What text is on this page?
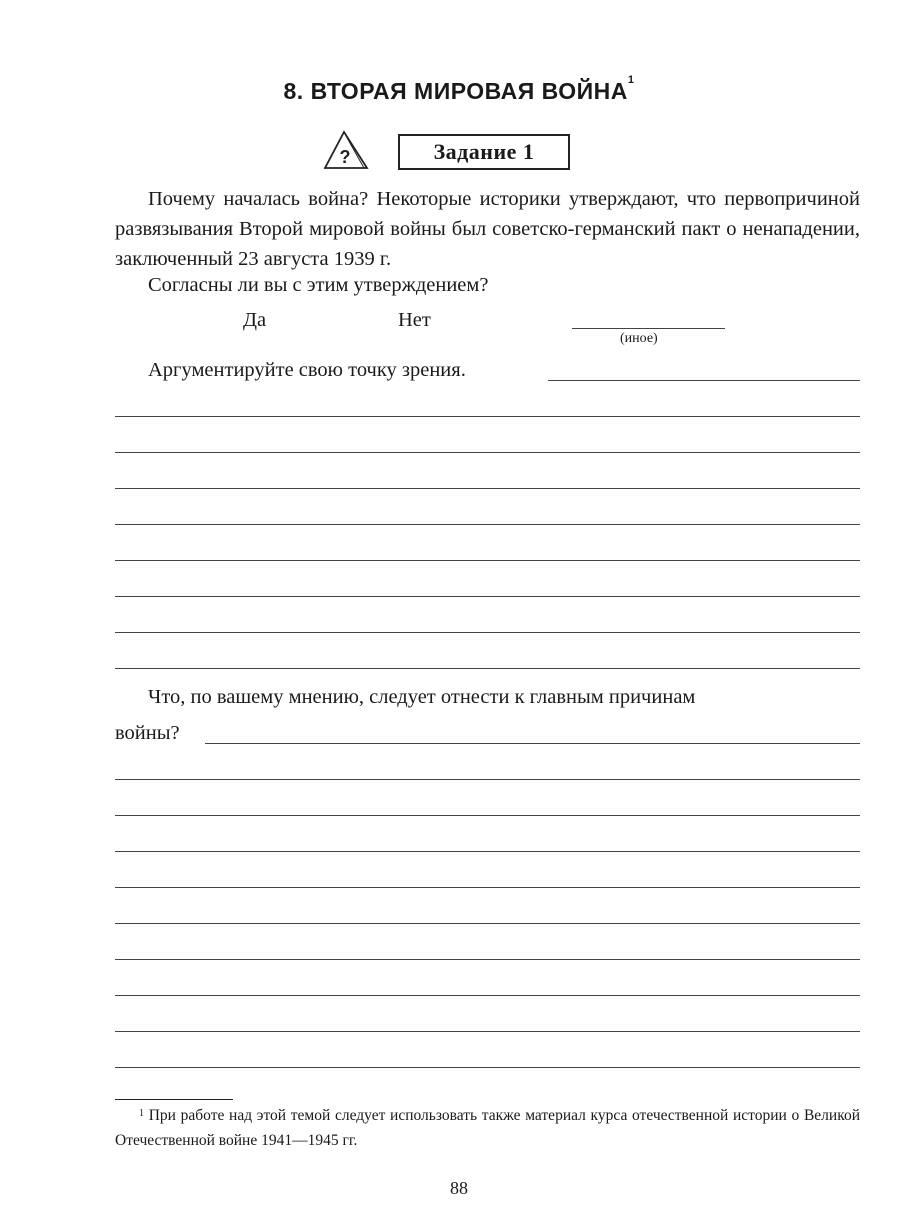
8. ВТОРАЯ МИРОВАЯ ВОЙНА$^1$
?	Задание 1
Почему началась война? Некоторые историки утверждают, что первопричиной развязывания Второй мировой войны был советско-германский пакт о ненападении, заключенный 23 августа 1939 г.
Согласны ли вы с этим утверждением?
Да	Нет
(иное)
Аргументируйте свою точку зрения.
Что, по вашему мнению, следует отнести к главным причинам
войны?
$^1$ При работе над этой темой следует использовать также материал курса отечественной истории о Великой Отечественной войне 1941—1945 гг.
88
